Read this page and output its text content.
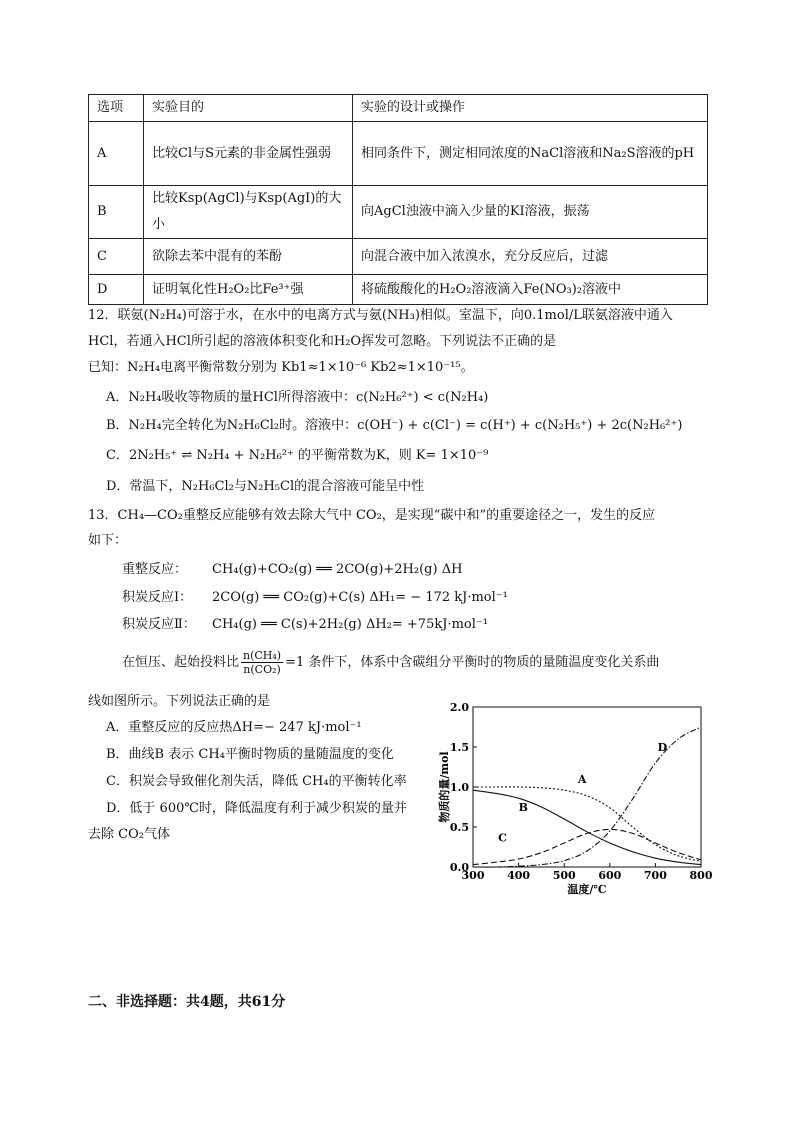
选项	实验目的	实验的设计或操作
A	比较Cl与S元素的非金属性强弱	相同条件下，测定相同浓度的NaCl溶液和Na₂S溶液的pH
B	比较Ksp(AgCl)与Ksp(AgI)的大小	向AgCl浊液中滴入少量的KI溶液，振荡
C	欲除去苯中混有的苯酚	向混合液中加入浓溴水，充分反应后，过滤
D	证明氧化性H₂O₂比Fe³⁺强	将硫酸酸化的H₂O₂溶液滴入Fe(NO₃)₂溶液中
12．联氨(N₂H₄)可溶于水，在水中的电离方式与氨(NH₃)相似。室温下，向0.1mol/L联氨溶液中通入
HCl，若通入HCl所引起的溶液体积变化和H₂O挥发可忽略。下列说法不正确的是
已知：N₂H₄电离平衡常数分别为 Kb1≈1×10⁻⁶ Kb2≈1×10⁻¹⁵。
A．N₂H₄吸收等物质的量HCl所得溶液中：c(N₂H₆²⁺) < c(N₂H₄)
B．N₂H₄完全转化为N₂H₆Cl₂时。溶液中：c(OH⁻) + c(Cl⁻) = c(H⁺) + c(N₂H₅⁺) + 2c(N₂H₆²⁺)
C．2N₂H₅⁺ ⇌ N₂H₄ + N₂H₆²⁺ 的平衡常数为K，则 K= 1×10⁻⁹
D．常温下，N₂H₆Cl₂与N₂H₅Cl的混合溶液可能呈中性
13．CH₄—CO₂重整反应能够有效去除大气中 CO₂，是实现“碳中和”的重要途径之一，发生的反应
如下：
重整反应： CH₄(g)+CO₂(g) ══ 2CO(g)+2H₂(g) ΔH
积炭反应Ⅰ： 2CO(g) ══ CO₂(g)+C(s) ΔH₁= − 172 kJ·mol⁻¹
积炭反应Ⅱ： CH₄(g) ══ C(s)+2H₂(g) ΔH₂= +75kJ·mol⁻¹
在恒压、起始投料比 $\frac{\text{n(CH₄)}}{\text{n(CO₂)}} =1$ 条件下，体系中含碳组分平衡时的物质的量随温度变化关系曲
线如图所示。下列说法正确的是
A．重整反应的反应热ΔH=− 247 kJ·mol⁻¹
B．曲线B 表示 CH₄平衡时物质的量随温度的变化
C．积炭会导致催化剂失活，降低 CH₄的平衡转化率
D．低于 600℃时，降低温度有利于减少积炭的量并
去除 CO₂气体
300 400 500 600 700 800
0.0
0.5
1.0
1.5
2.0
A
B
C
D
温度/℃
物质的量/mol
二、非选择题：共4题，共61分
